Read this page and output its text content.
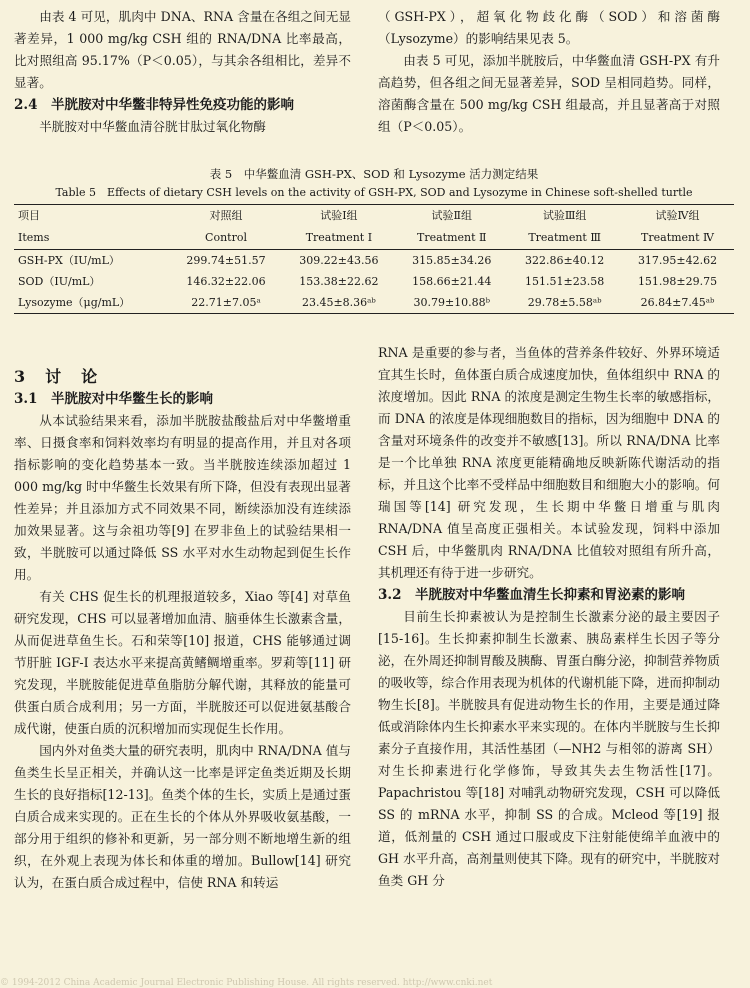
由表 4 可见，肌肉中 DNA、RNA 含量在各组之间无显著差异，1 000 mg/kg CSH 组的 RNA/DNA 比率最高，比对照组高 95.17%（P＜0.05），与其余各组相比，差异不显著。

2.4　半胱胺对中华鳖非特异性免疫功能的影响

半胱胺对中华鳖血清谷胱甘肽过氧化物酶

（GSH-PX），超氧化物歧化酶（SOD）和溶菌酶（Lysozyme）的影响结果见表 5。

由表 5 可见，添加半胱胺后，中华鳖血清 GSH-PX 有升高趋势，但各组之间无显著差异，SOD 呈相同趋势。同样，溶菌酶含量在 500 mg/kg CSH 组最高，并且显著高于对照组（P＜0.05）。

表 5　中华鳖血清 GSH-PX、SOD 和 Lysozyme 活力测定结果

Table 5　Effects of dietary CSH levels on the activity of GSH-PX, SOD and Lysozyme in Chinese soft-shelled turtle

项目	对照组	试验Ⅰ组	试验Ⅱ组	试验Ⅲ组	试验Ⅳ组
Items	Control	Treatment Ⅰ	Treatment Ⅱ	Treatment Ⅲ	Treatment Ⅳ
GSH-PX（IU/mL）	299.74±51.57	309.22±43.56	315.85±34.26	322.86±40.12	317.95±42.62
SOD（IU/mL）	146.32±22.06	153.38±22.62	158.66±21.44	151.51±23.58	151.98±29.75
Lysozyme（μg/mL）	22.71±7.05ᵃ	23.45±8.36ᵃᵇ	30.79±10.88ᵇ	29.78±5.58ᵃᵇ	26.84±7.45ᵃᵇ

3　讨　论

3.1　半胱胺对中华鳖生长的影响

从本试验结果来看，添加半胱胺盐酸盐后对中华鳖增重率、日摄食率和饲料效率均有明显的提高作用，并且对各项指标影响的变化趋势基本一致。当半胱胺连续添加超过 1 000 mg/kg 时中华鳖生长效果有所下降，但没有表现出显著性差异；并且添加方式不同效果不同，断续添加没有连续添加效果显著。这与余祖功等[9] 在罗非鱼上的试验结果相一致，半胱胺可以通过降低 SS 水平对水生动物起到促生长作用。

有关 CHS 促生长的机理报道较多，Xiao 等[4] 对草鱼研究发现，CHS 可以显著增加血清、脑垂体生长激素含量，从而促进草鱼生长。石和荣等[10] 报道，CHS 能够通过调节肝脏 IGF-I 表达水平来提高黄鳍鲷增重率。罗莉等[11] 研究发现，半胱胺能促进草鱼脂肪分解代谢，其释放的能量可供蛋白质合成利用；另一方面，半胱胺还可以促进氨基酸合成代谢，使蛋白质的沉积增加而实现促生长作用。

国内外对鱼类大量的研究表明，肌肉中 RNA/DNA 值与鱼类生长呈正相关，并确认这一比率是评定鱼类近期及长期生长的良好指标[12-13]。鱼类个体的生长，实质上是通过蛋白质合成来实现的。正在生长的个体从外界吸收氨基酸，一部分用于组织的修补和更新，另一部分则不断地增生新的组织，在外观上表现为体长和体重的增加。Bullow[14] 研究认为，在蛋白质合成过程中，信使 RNA 和转运

RNA 是重要的参与者，当鱼体的营养条件较好、外界环境适宜其生长时，鱼体蛋白质合成速度加快，鱼体组织中 RNA 的浓度增加。因此 RNA 的浓度是测定生物生长率的敏感指标，而 DNA 的浓度是体现细胞数目的指标，因为细胞中 DNA 的含量对环境条件的改变并不敏感[13]。所以 RNA/DNA 比率是一个比单独 RNA 浓度更能精确地反映新陈代谢活动的指标，并且这个比率不受样品中细胞数目和细胞大小的影响。何瑞国等[14] 研究发现，生长期中华鳖日增重与肌肉 RNA/DNA 值呈高度正强相关。本试验发现，饲料中添加 CSH 后，中华鳖肌肉 RNA/DNA 比值较对照组有所升高，其机理还有待于进一步研究。

3.2　半胱胺对中华鳖血清生长抑素和胃泌素的影响

目前生长抑素被认为是控制生长激素分泌的最主要因子[15-16]。生长抑素抑制生长激素、胰岛素样生长因子等分泌，在外周还抑制胃酸及胰酶、胃蛋白酶分泌，抑制营养物质的吸收等，综合作用表现为机体的代谢机能下降，进而抑制动物生长[8]。半胱胺具有促进动物生长的作用，主要是通过降低或消除体内生长抑素水平来实现的。在体内半胱胺与生长抑素分子直接作用，其活性基团（—NH2 与相邻的游离 SH）对生长抑素进行化学修饰，导致其失去生物活性[17]。Papachristou 等[18] 对哺乳动物研究发现，CSH 可以降低 SS 的 mRNA 水平，抑制 SS 的合成。Mcleod 等[19] 报道，低剂量的 CSH 通过口服或皮下注射能使绵羊血液中的 GH 水平升高，高剂量则使其下降。现有的研究中，半胱胺对鱼类 GH 分

© 1994-2012 China Academic Journal Electronic Publishing House. All rights reserved. http://www.cnki.net
